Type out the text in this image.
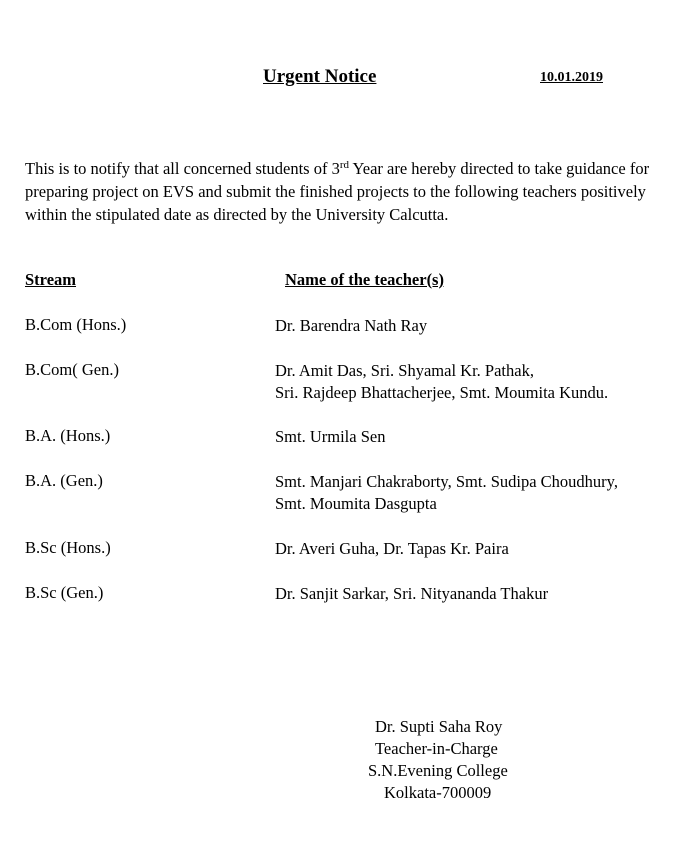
Urgent Notice	10.01.2019
This is to notify that all concerned students of 3rd Year are hereby directed to take guidance for preparing project on EVS and submit the finished projects to the following teachers positively within the stipulated date as directed by the University Calcutta.
Stream	Name of the teacher(s)
B.Com (Hons.)	Dr. Barendra Nath Ray
B.Com( Gen.)	Dr. Amit Das, Sri. Shyamal Kr. Pathak,
Sri. Rajdeep Bhattacherjee, Smt. Moumita Kundu.
B.A. (Hons.)	Smt. Urmila Sen
B.A. (Gen.)	Smt. Manjari Chakraborty, Smt. Sudipa Choudhury,
Smt. Moumita Dasgupta
B.Sc (Hons.)	Dr. Averi Guha, Dr. Tapas Kr. Paira
B.Sc (Gen.)	Dr. Sanjit Sarkar, Sri. Nityananda Thakur
Dr. Supti Saha Roy
Teacher-in-Charge
S.N.Evening College
Kolkata-700009
